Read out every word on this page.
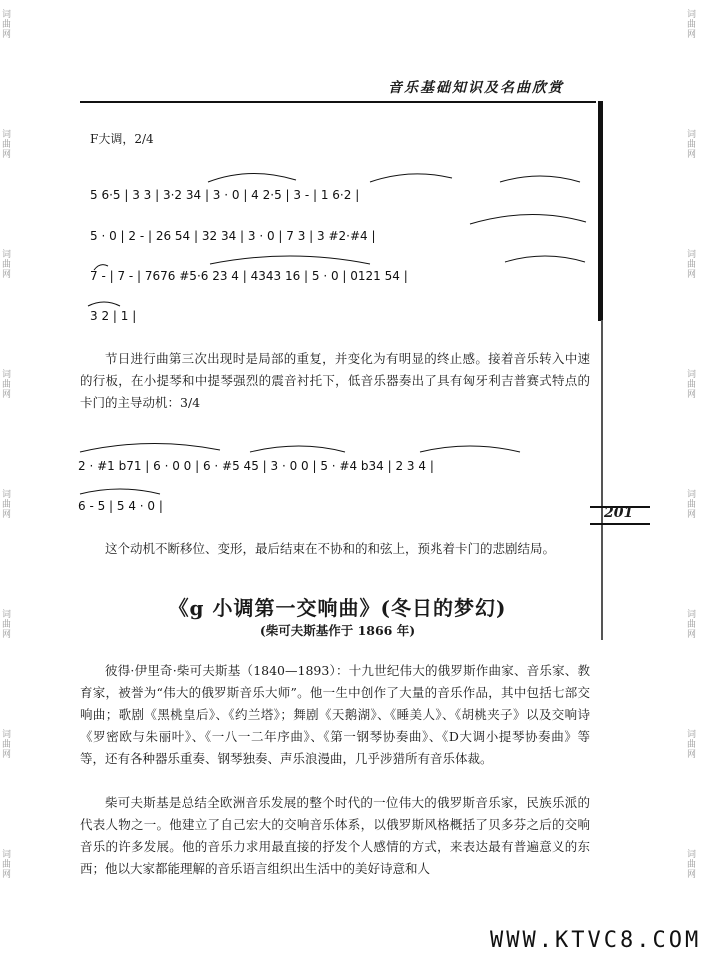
词曲网
词曲网
词曲网
词曲网
词曲网
词曲网
词曲网
词曲网
词曲网
词曲网
词曲网
词曲网
词曲网
词曲网
词曲网
词曲网
音乐基础知识及名曲欣赏
F大调，2/4
5 6·5 | 3 3 | 3·2 34 | 3 · 0 | 4 2·5 | 3 - | 1 6·2 |
5 · 0 | 2 - | 26 54 | 32 34 | 3 · 0 | 7 3 | 3 #2·#4 |
7 - | 7 - | 7676 #5·6 23 4 | 4343 16 | 5 · 0 | 0121 54 |
3 2 | 1 |
2 · #1 b71 | 6 · 0 0 | 6 · #5 45 | 3 · 0 0 | 5 · #4 b34 | 2 3 4 |
6 - 5 | 5 4 · 0 |
节日进行曲第三次出现时是局部的重复，并变化为有明显的终止感。接着音乐转入中速的行板，在小提琴和中提琴强烈的震音衬托下，低音乐器奏出了具有匈牙利吉普赛式特点的卡门的主导动机：3/4
201
这个动机不断移位、变形，最后结束在不协和的和弦上，预兆着卡门的悲剧结局。
《g 小调第一交响曲》(冬日的梦幻)
(柴可夫斯基作于 1866 年)
彼得·伊里奇·柴可夫斯基（1840—1893）：十九世纪伟大的俄罗斯作曲家、音乐家、教育家，被誉为“伟大的俄罗斯音乐大师”。他一生中创作了大量的音乐作品，其中包括七部交响曲；歌剧《黑桃皇后》、《约兰塔》；舞剧《天鹅湖》、《睡美人》、《胡桃夹子》以及交响诗《罗密欧与朱丽叶》、《一八一二年序曲》、《第一钢琴协奏曲》、《D大调小提琴协奏曲》等等，还有各种器乐重奏、钢琴独奏、声乐浪漫曲，几乎涉猎所有音乐体裁。
柴可夫斯基是总结全欧洲音乐发展的整个时代的一位伟大的俄罗斯音乐家，民族乐派的代表人物之一。他建立了自己宏大的交响音乐体系，以俄罗斯风格概括了贝多芬之后的交响音乐的许多发展。他的音乐力求用最直接的抒发个人感情的方式，来表达最有普遍意义的东西；他以大家都能理解的音乐语言组织出生活中的美好诗意和人
WWW.KTVC8.COM
